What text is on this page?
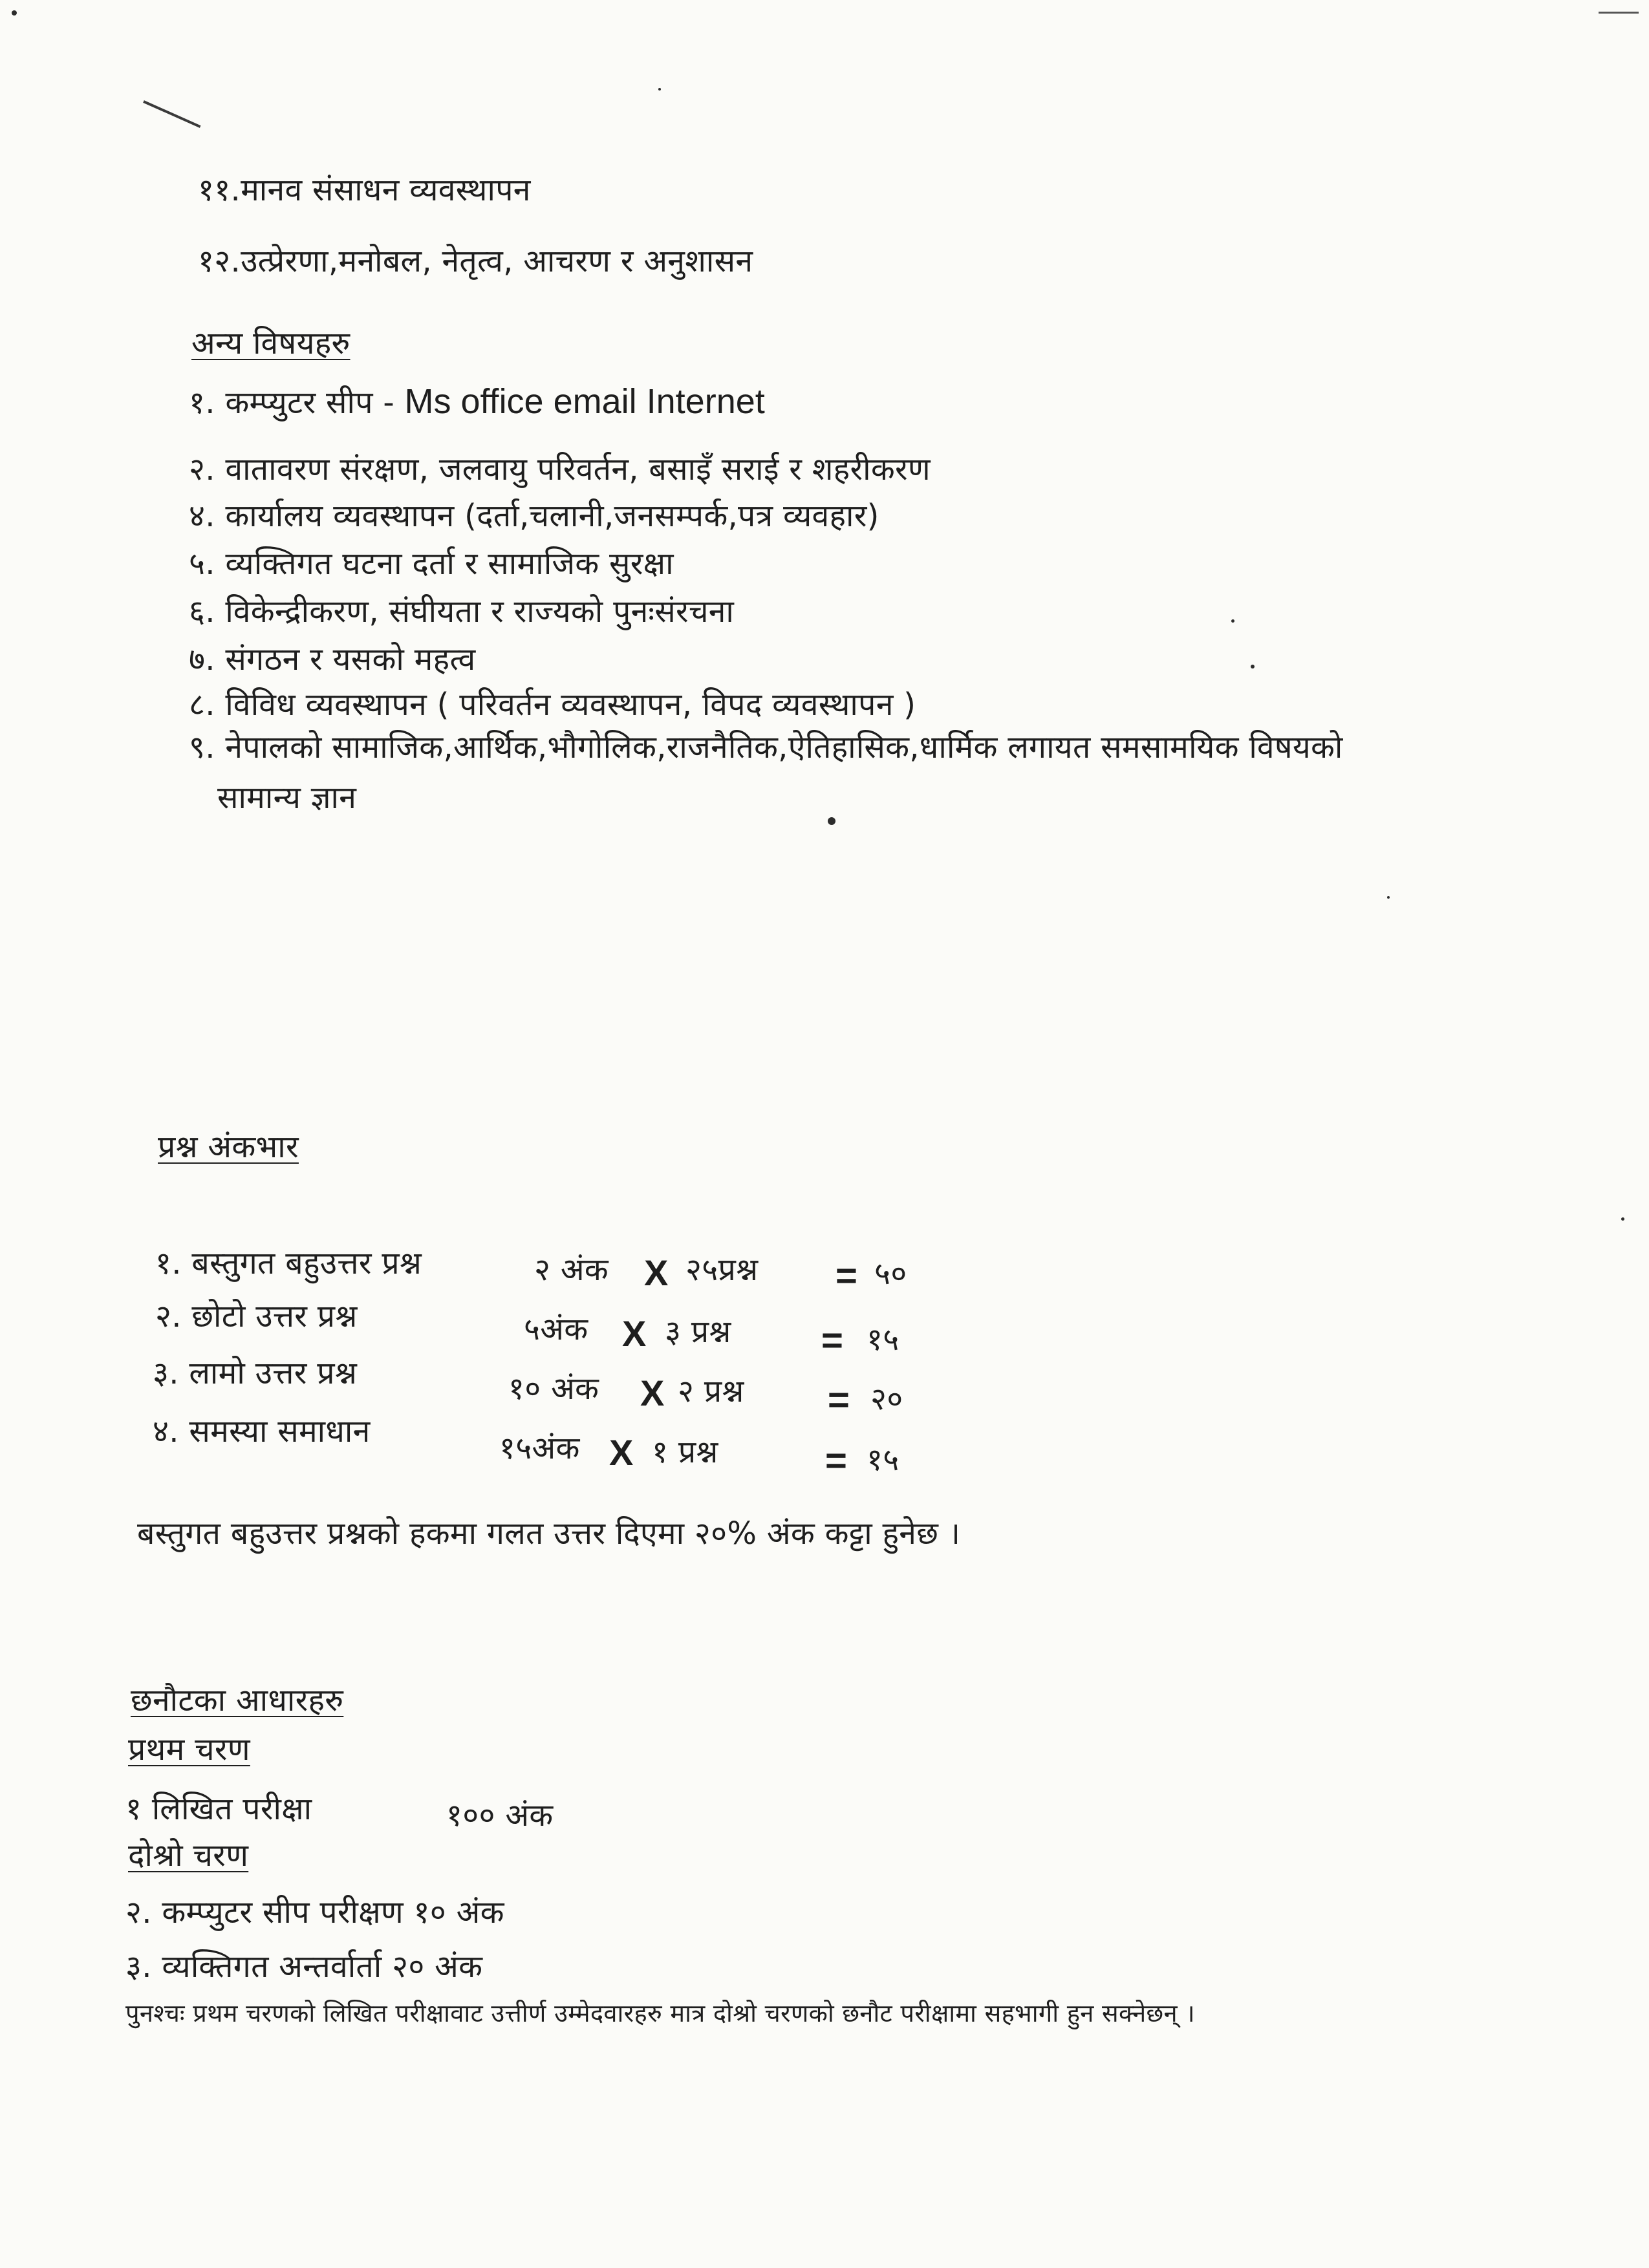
११.मानव संसाधन व्यवस्थापन
१२.उत्प्रेरणा,मनोबल, नेतृत्व, आचरण र अनुशासन
अन्य विषयहरु
१. कम्प्युटर सीप - Ms office email Internet
२. वातावरण संरक्षण, जलवायु परिवर्तन, बसाइँ सराई र शहरीकरण
४. कार्यालय व्यवस्थापन (दर्ता,चलानी,जनसम्पर्क,पत्र व्यवहार)
५. व्यक्तिगत घटना दर्ता र सामाजिक सुरक्षा
६. विकेन्द्रीकरण, संघीयता र राज्यको पुनःसंरचना
७. संगठन र यसको महत्व
८. विविध व्यवस्थापन ( परिवर्तन व्यवस्थापन, विपद व्यवस्थापन )
९. नेपालको सामाजिक,आर्थिक,भौगोलिक,राजनैतिक,ऐतिहासिक,धार्मिक लगायत समसामयिक विषयको
सामान्य ज्ञान
प्रश्न अंकभार
१. बस्तुगत बहुउत्तर प्रश्न	२ अंक X २५प्रश्न = ५०
२. छोटो उत्तर प्रश्न	५अंक X ३ प्रश्न = १५
३. लामो उत्तर प्रश्न	१० अंक X २ प्रश्न = २०
४. समस्या समाधान	१५अंक X १ प्रश्न	= १५
बस्तुगत बहुउत्तर प्रश्नको हकमा गलत उत्तर दिएमा २०% अंक कट्टा हुनेछ ।
छनौटका आधारहरु
प्रथम चरण
१ लिखित परीक्षा	१०० अंक
दोश्रो चरण
२. कम्प्युटर सीप परीक्षण १० अंक
३. व्यक्तिगत अन्तर्वार्ता २० अंक
पुनश्चः प्रथम चरणको लिखित परीक्षावाट उत्तीर्ण उम्मेदवारहरु मात्र दोश्रो चरणको छनौट परीक्षामा सहभागी हुन सक्नेछन् ।
